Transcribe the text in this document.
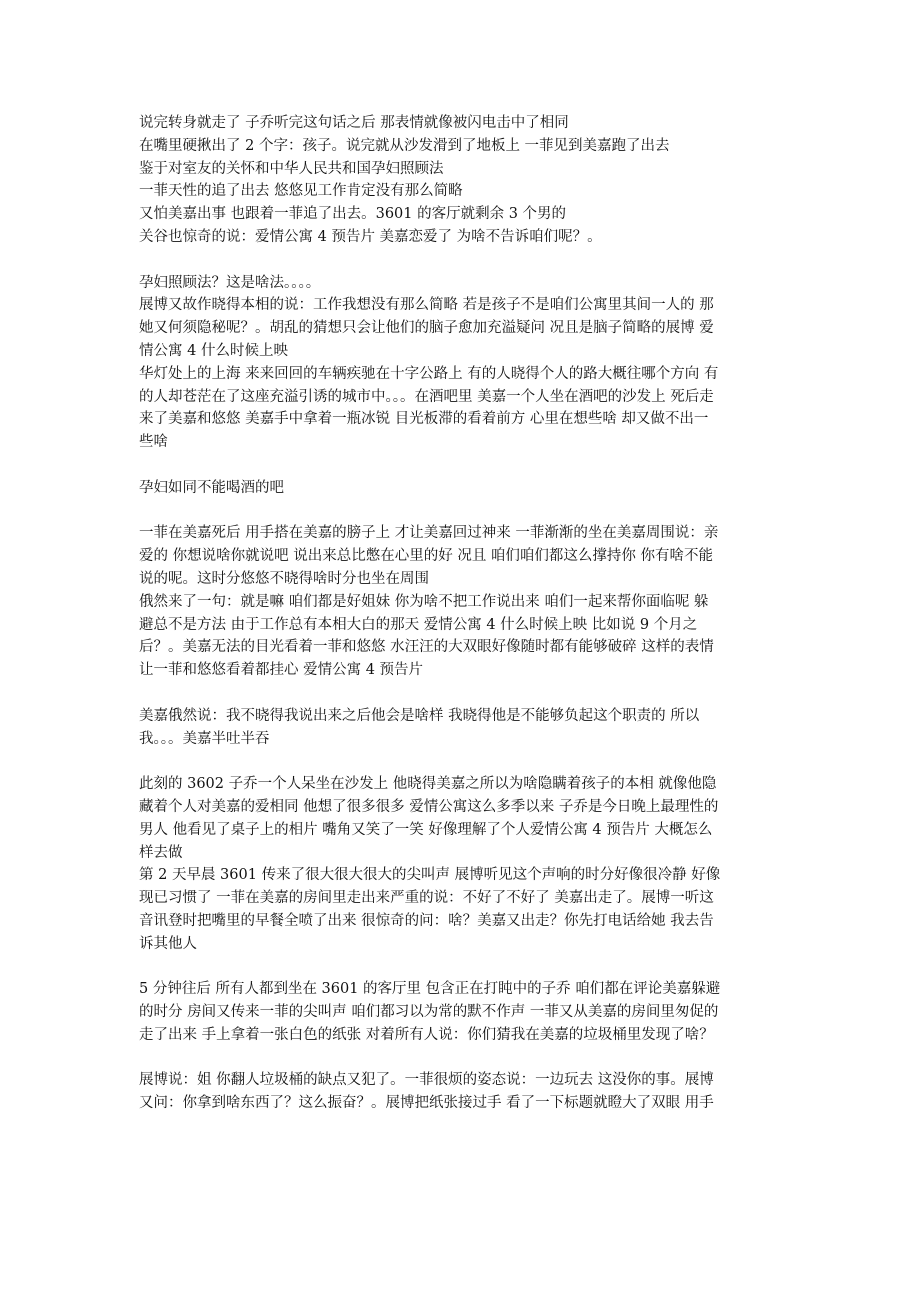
说完转身就走了 子乔听完这句话之后 那表情就像被闪电击中了相同
在嘴里硬揪出了 2 个字：孩子。说完就从沙发滑到了地板上 一菲见到美嘉跑了出去
鉴于对室友的关怀和中华人民共和国孕妇照顾法
一菲天性的追了出去 悠悠见工作肯定没有那么简略
又怕美嘉出事 也跟着一菲追了出去。3601 的客厅就剩余 3 个男的
关谷也惊奇的说：爱情公寓 4 预告片 美嘉恋爱了 为啥不告诉咱们呢？。
孕妇照顾法？这是啥法。。。。
展博又故作晓得本相的说：工作我想没有那么简略 若是孩子不是咱们公寓里其间一人的 那
她又何须隐秘呢？。胡乱的猜想只会让他们的脑子愈加充溢疑问 况且是脑子简略的展博 爱
情公寓 4 什么时候上映
华灯处上的上海 来来回回的车辆疾驰在十字公路上 有的人晓得个人的路大概往哪个方向 有
的人却苍茫在了这座充溢引诱的城市中。。。在酒吧里 美嘉一个人坐在酒吧的沙发上 死后走
来了美嘉和悠悠 美嘉手中拿着一瓶冰锐 目光板滞的看着前方 心里在想些啥 却又做不出一
些啥
孕妇如同不能喝酒的吧
一菲在美嘉死后 用手搭在美嘉的膀子上 才让美嘉回过神来 一菲渐渐的坐在美嘉周围说：亲
爱的 你想说啥你就说吧 说出来总比憋在心里的好 况且 咱们咱们都这么撑持你 你有啥不能
说的呢。这时分悠悠不晓得啥时分也坐在周围
俄然来了一句：就是嘛 咱们都是好姐妹 你为啥不把工作说出来 咱们一起来帮你面临呢 躲
避总不是方法 由于工作总有本相大白的那天 爱情公寓 4 什么时候上映 比如说 9 个月之
后？。美嘉无法的目光看着一菲和悠悠 水汪汪的大双眼好像随时都有能够破碎 这样的表情
让一菲和悠悠看着都挂心 爱情公寓 4 预告片
美嘉俄然说：我不晓得我说出来之后他会是啥样 我晓得他是不能够负起这个职责的 所以
我。。。美嘉半吐半吞
此刻的 3602 子乔一个人呆坐在沙发上 他晓得美嘉之所以为啥隐瞒着孩子的本相 就像他隐
藏着个人对美嘉的爱相同 他想了很多很多 爱情公寓这么多季以来 子乔是今日晚上最理性的
男人 他看见了桌子上的相片 嘴角又笑了一笑 好像理解了个人爱情公寓 4 预告片 大概怎么
样去做
第 2 天早晨 3601 传来了很大很大很大的尖叫声 展博听见这个声响的时分好像很冷静 好像
现已习惯了 一菲在美嘉的房间里走出来严重的说：不好了不好了 美嘉出走了。展博一听这
音讯登时把嘴里的早餐全喷了出来 很惊奇的问：啥？美嘉又出走？你先打电话给她 我去告
诉其他人
5 分钟往后 所有人都到坐在 3601 的客厅里 包含正在打盹中的子乔 咱们都在评论美嘉躲避
的时分 房间又传来一菲的尖叫声 咱们都习以为常的默不作声 一菲又从美嘉的房间里匆促的
走了出来 手上拿着一张白色的纸张 对着所有人说：你们猜我在美嘉的垃圾桶里发现了啥？
展博说：姐 你翻人垃圾桶的缺点又犯了。一菲很烦的姿态说：一边玩去 这没你的事。展博
又问：你拿到啥东西了？这么振奋？。展博把纸张接过手 看了一下标题就瞪大了双眼 用手
